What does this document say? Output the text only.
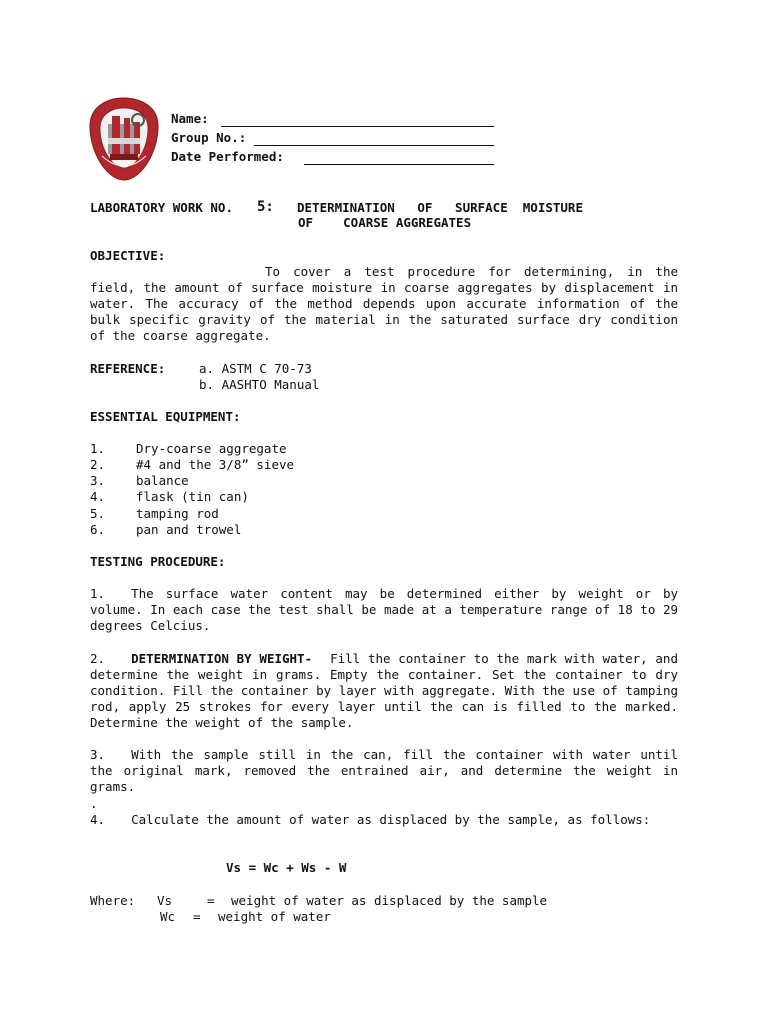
Name:
Group No.:
Date Performed:
LABORATORY WORK NO. 5: DETERMINATION   OF   SURFACE  MOISTURE
OF    COARSE AGGREGATES
OBJECTIVE:
To cover a test procedure for determining, in the field, the amount of surface moisture in coarse aggregates by displacement in water. The accuracy of the method depends upon accurate information of the bulk specific gravity of the material in the saturated surface dry condition of the coarse aggregate.
REFERENCE:	a. ASTM C 70-73
b. AASHTO Manual
ESSENTIAL EQUIPMENT:
1. Dry-coarse aggregate
2. #4 and the 3/8” sieve
3. balance
4. flask (tin can)
5. tamping rod
6. pan and trowel
TESTING PROCEDURE:
1. The surface water content may be determined either by weight or by volume. In each case the test shall be made at a temperature range of 18 to 29 degrees Celcius.
2. DETERMINATION BY WEIGHT- Fill the container to the mark with water, and determine the weight in grams. Empty the container. Set the container to dry condition. Fill the container by layer with aggregate. With the use of tamping rod, apply 25 strokes for every layer until the can is filled to the marked. Determine the weight of the sample.
3. With the sample still in the can, fill the container with water until the original mark, removed the entrained air, and determine the weight in grams.
.
4. Calculate the amount of water as displaced by the sample, as follows:
Vs = Wc + Ws - W
Where: Vs	= weight of water as displaced by the sample
Wc = weight of water
